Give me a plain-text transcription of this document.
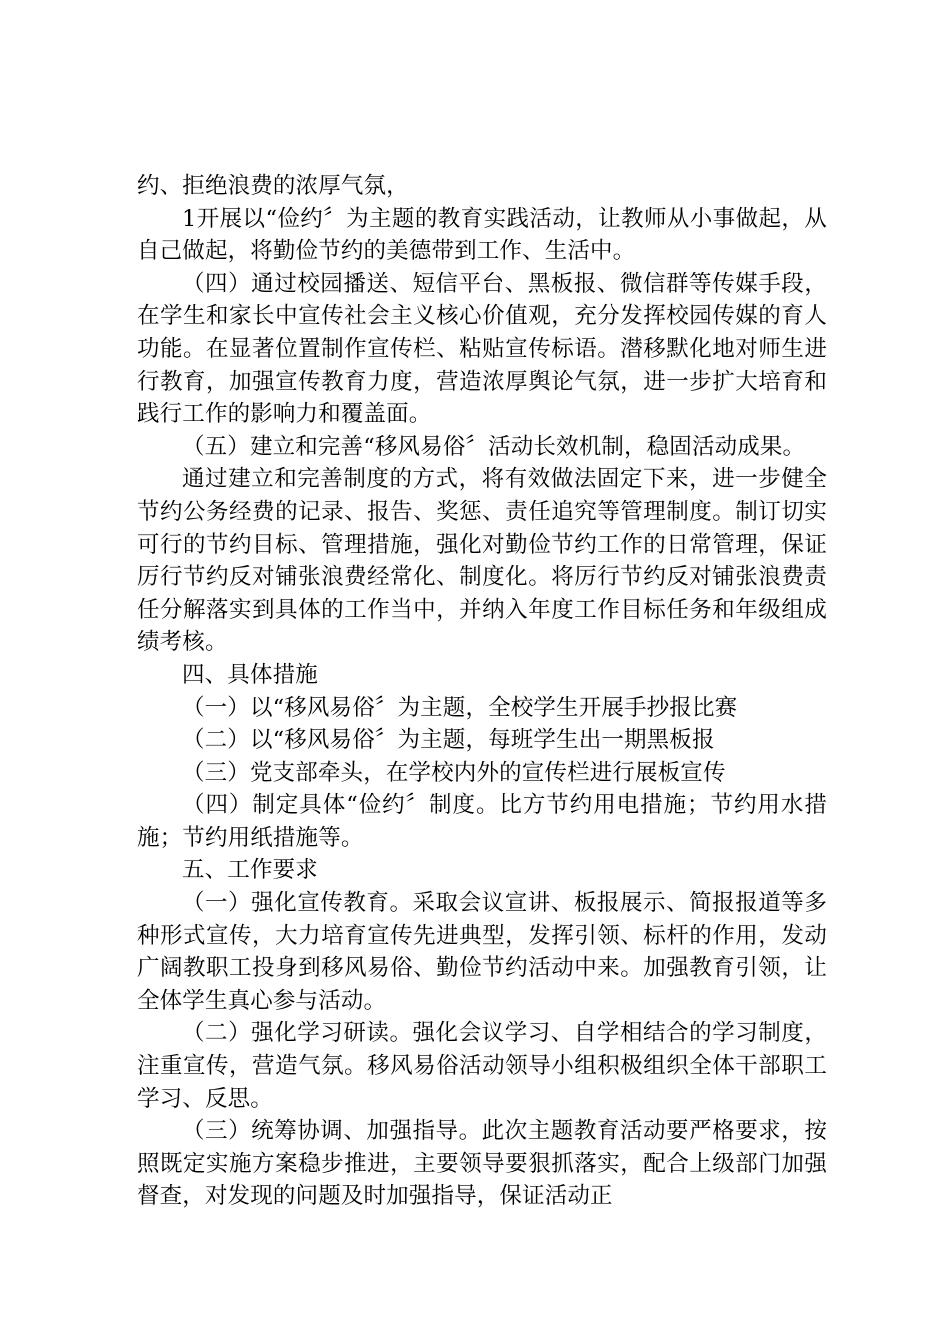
约、拒绝浪费的浓厚气氛，

1开展以“俭约〞为主题的教育实践活动，让教师从小事做起，从自己做起，将勤俭节约的美德带到工作、生活中。

（四）通过校园播送、短信平台、黑板报、微信群等传媒手段，在学生和家长中宣传社会主义核心价值观，充分发挥校园传媒的育人功能。在显著位置制作宣传栏、粘贴宣传标语。潜移默化地对师生进行教育，加强宣传教育力度，营造浓厚舆论气氛，进一步扩大培育和践行工作的影响力和覆盖面。

（五）建立和完善“移风易俗〞活动长效机制，稳固活动成果。

通过建立和完善制度的方式，将有效做法固定下来，进一步健全节约公务经费的记录、报告、奖惩、责任追究等管理制度。制订切实可行的节约目标、管理措施，强化对勤俭节约工作的日常管理，保证厉行节约反对铺张浪费经常化、制度化。将厉行节约反对铺张浪费责任分解落实到具体的工作当中，并纳入年度工作目标任务和年级组成绩考核。

四、具体措施

（一）以“移风易俗〞为主题，全校学生开展手抄报比赛

（二）以“移风易俗〞为主题，每班学生出一期黑板报

（三）党支部牵头，在学校内外的宣传栏进行展板宣传

（四）制定具体“俭约〞制度。比方节约用电措施；节约用水措施；节约用纸措施等。

五、工作要求

（一）强化宣传教育。采取会议宣讲、板报展示、简报报道等多种形式宣传，大力培育宣传先进典型，发挥引领、标杆的作用，发动广阔教职工投身到移风易俗、勤俭节约活动中来。加强教育引领，让全体学生真心参与活动。

（二）强化学习研读。强化会议学习、自学相结合的学习制度，注重宣传，营造气氛。移风易俗活动领导小组积极组织全体干部职工学习、反思。

（三）统筹协调、加强指导。此次主题教育活动要严格要求，按照既定实施方案稳步推进，主要领导要狠抓落实，配合上级部门加强督查，对发现的问题及时加强指导，保证活动正
